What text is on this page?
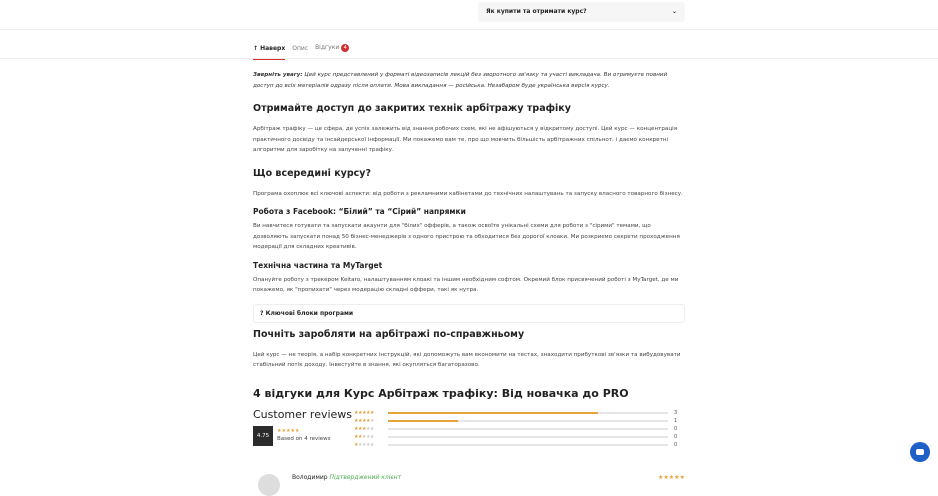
Як купити та отримати курс?	⌄
↑ Наверх Опис Відгуки 4

Зверніть увагу: Цей курс представлений у форматі відеозаписів лекцій без зворотного зв'язку та участі викладача. Ви отримуєте повний доступ до всіх матеріалів одразу після оплати. Мова викладання — російська. Незабаром буде українська версія курсу.

Отримайте доступ до закритих технік арбітражу трафіку

Арбітраж трафіку — це сфера, де успіх залежить від знання робочих схем, які не афішуються у відкритому доступі. Цей курс — концентрація практичного досвіду та інсайдерської інформації. Ми покажемо вам те, про що мовчить більшість арбітражних спільнот, і даємо конкретні алгоритми для заробітку на залученні трафіку.

Що всередині курсу?

Програма охоплює всі ключові аспекти: від роботи з рекламними кабінетами до технічних налаштувань та запуску власного товарного бізнесу.

Робота з Facebook: “Білий” та “Сірий” напрямки

Ви навчитеся готувати та запускати акаунти для "білих" офферів, а також освоїте унікальні схеми для роботи з "сірими" темами, що дозволяють запускати понад 50 бізнес-менеджерів з одного пристрою та обходитися без дорогої клоаки. Ми розкриємо секрети проходження модерації для складних креативів.

Технічна частина та MyTarget

Опануйте роботу з трекером Keitaro, налаштуванням клоакі та іншим необхідним софтом. Окремий блок присвячений роботі з MyTarget, де ми покажемо, як "пропихати" через модерацію складні оффери, такі як нутра.

? Ключові блоки програми
Почніть заробляти на арбітражі по-справжньому

Цей курс — не теорія, а набір конкретних інструкцій, які допоможуть вам економити на тестах, знаходити прибуткові зв'язки та вибудовувати стабільний потік доходу. Інвестуйте в знання, які окупляться багаторазово.

4 відгуки для Курс Арбітраж трафіку: Від новачка до PRO
Customer reviews
4.75
★★★★★
Based on 4 reviews
★★★★★	3
★★★★★	1
★★★★★	0
★★★★★	0
★★★★★	0
Володимир Підтверджений клієнт	★★★★★
